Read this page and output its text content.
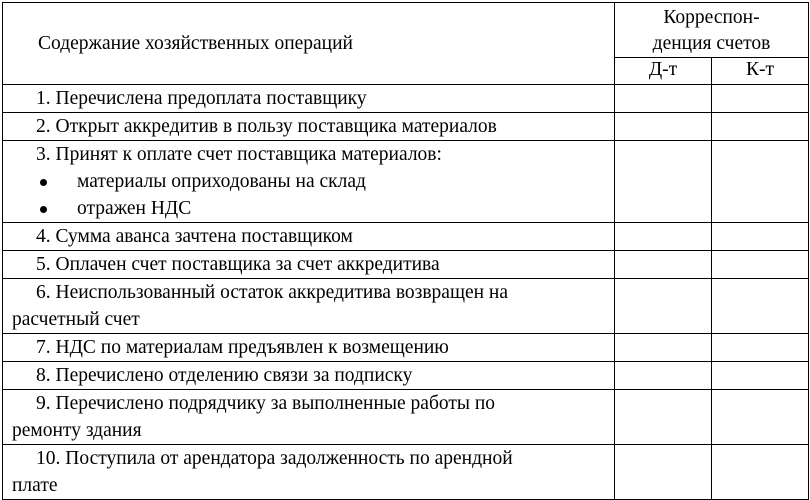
Содержание хозяйственных операций	Корреспон-
денция счетов	

	Д-т	К-т

1. Перечислена предоплата поставщику		

2. Открыт аккредитив в пользу поставщика материалов		

3. Принят к оплате счет поставщика материалов:
материалы оприходованы на склад
отражен НДС		

4. Сумма аванса зачтена поставщиком		

5. Оплачен счет поставщика за счет аккредитива		

6. Неиспользованный остаток аккредитива возвращен на
расчетный счет		

7. НДС по материалам предъявлен к возмещению		

8. Перечислено отделению связи за подписку		

9. Перечислено подрядчику за выполненные работы по
ремонту здания		

10. Поступила от арендатора задолженность по арендной
плате		
